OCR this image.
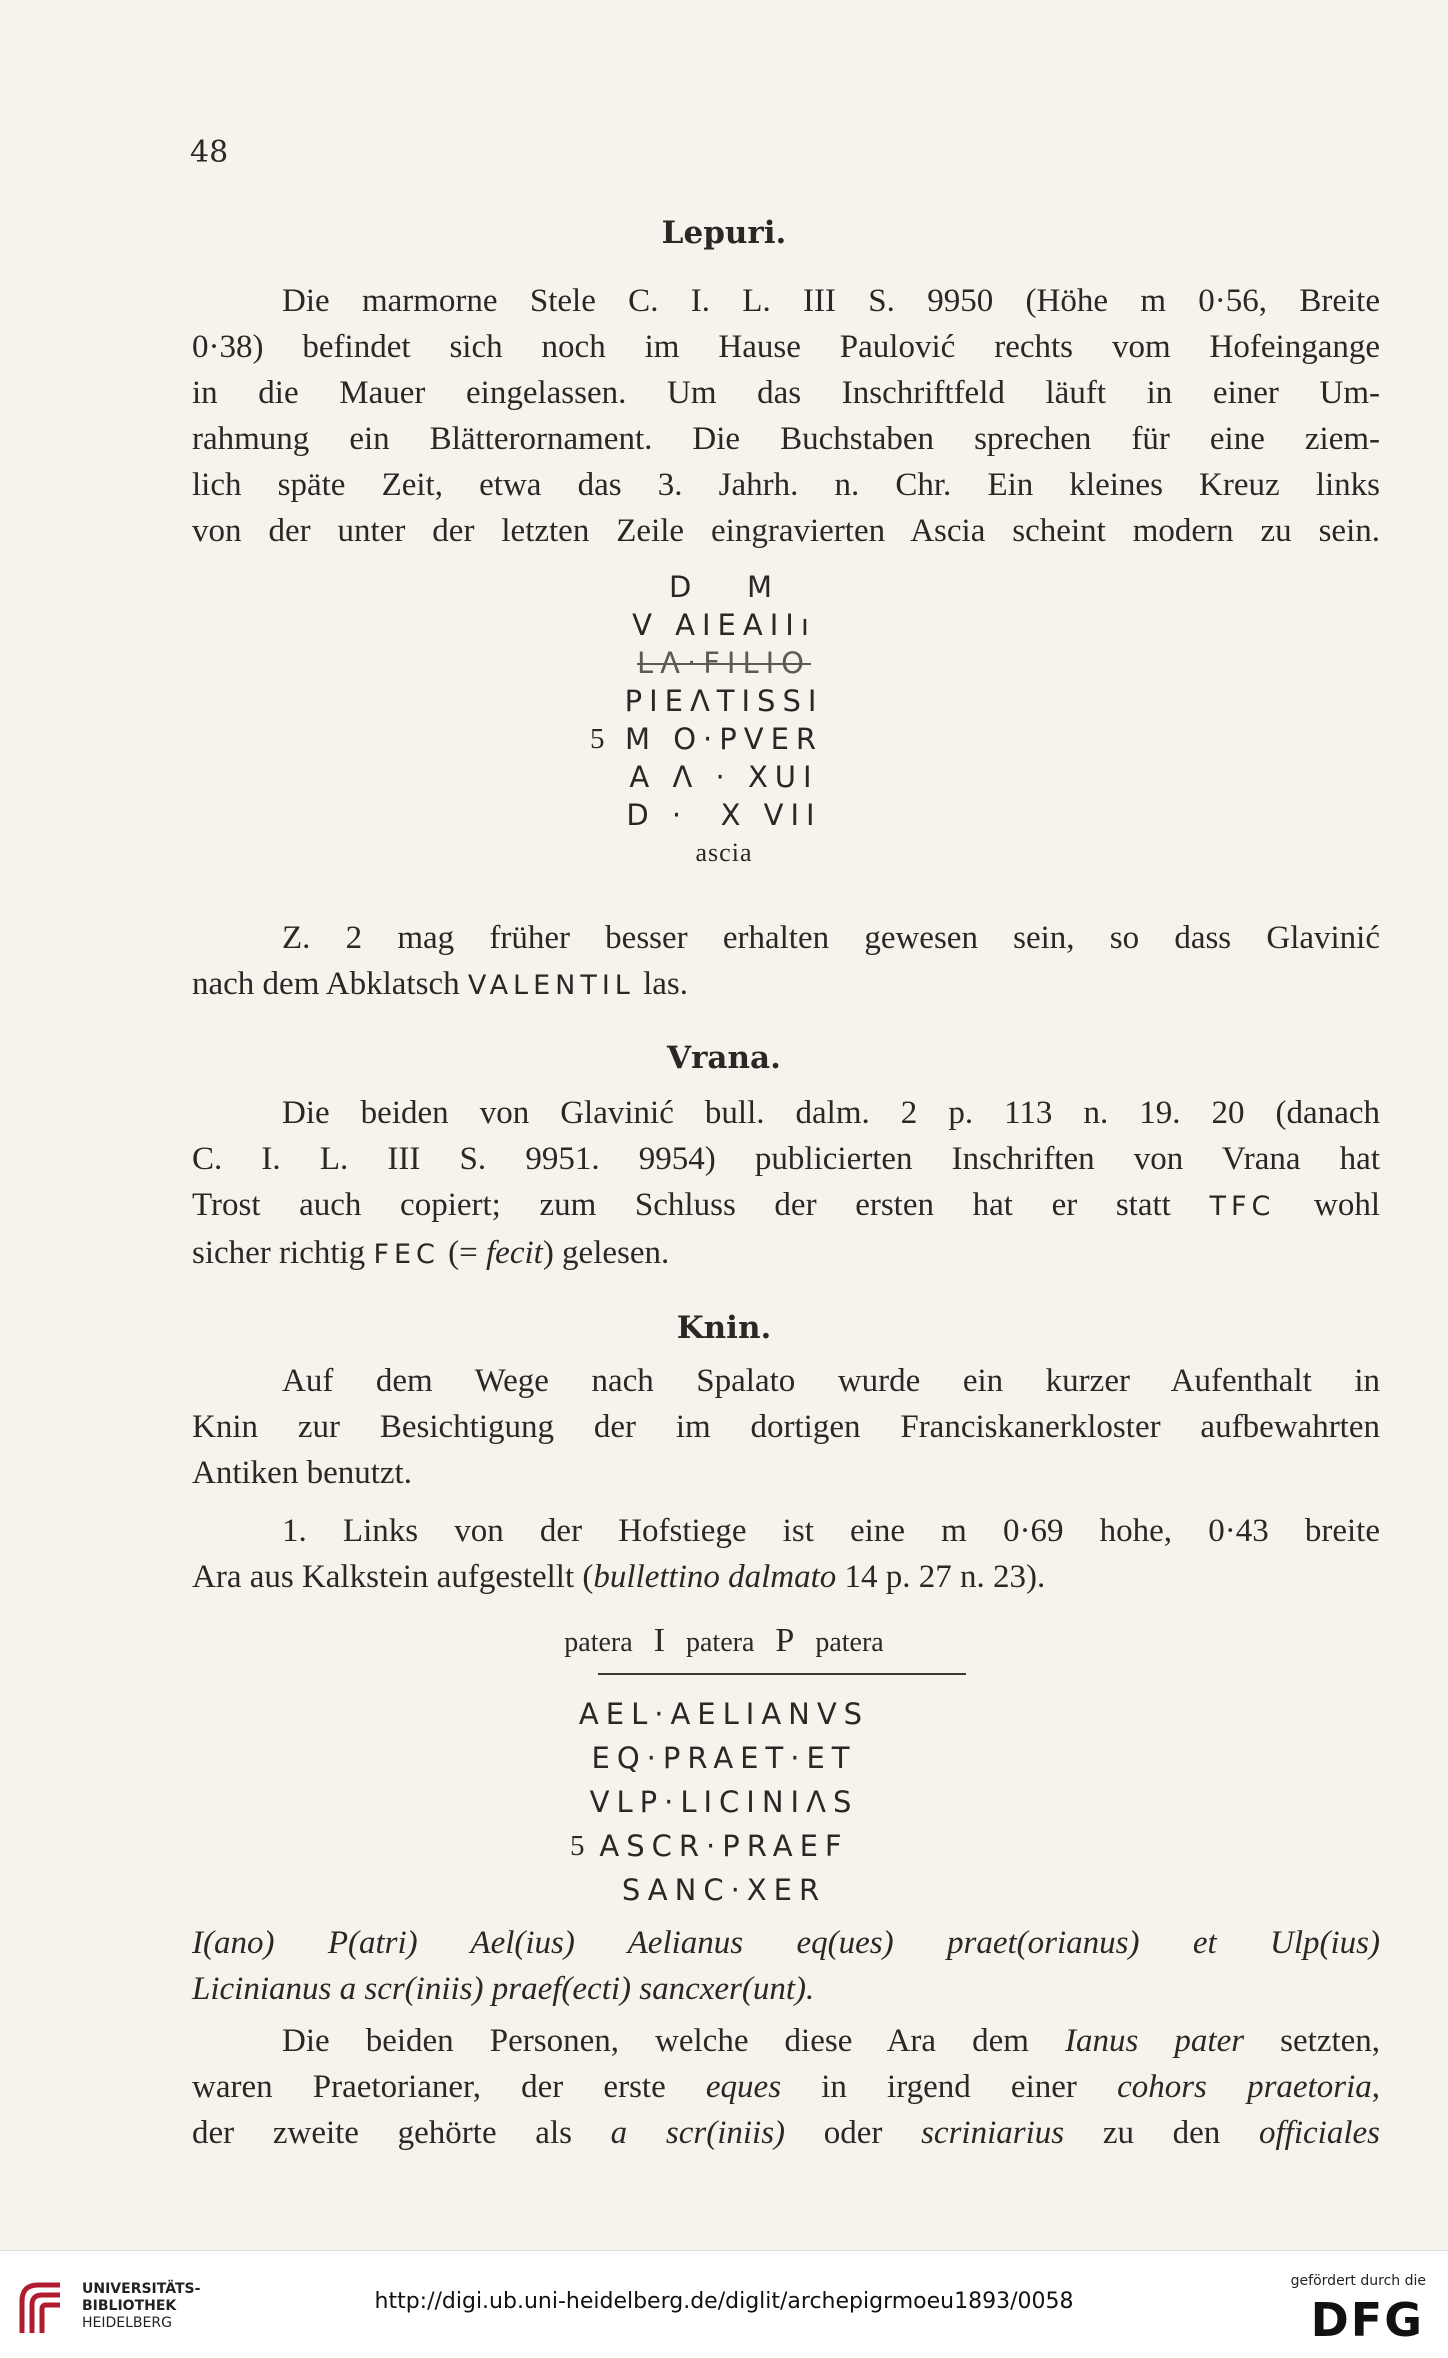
48
Lepuri.
Die marmorne Stele C. I. L. III S. 9950 (Höhe m 0·56, Breite
0·38) befindet sich noch im Hause Paulović rechts vom Hofeingange
in die Mauer eingelassen. Um das Inschriftfeld läuft in einer Um-
rahmung ein Blätterornament. Die Buchstaben sprechen für eine ziem-
lich späte Zeit, etwa das 3. Jahrh. n. Chr. Ein kleines Kreuz links
von der unter der letzten Zeile eingravierten Ascia scheint modern zu sein.
D   M
V AIEAIIı
LΛ·FILIO
PIEΛTISSI
5 M O·PVER
A Λ · XUI
D ·  X VII
ascia
Z. 2 mag früher besser erhalten gewesen sein, so dass Glavinić
nach dem Abklatsch VALENTIL las.
Vrana.
Die beiden von Glavinić bull. dalm. 2 p. 113 n. 19. 20 (danach
C. I. L. III S. 9951. 9954) publicierten Inschriften von Vrana hat
Trost auch copiert; zum Schluss der ersten hat er statt TFC wohl
sicher richtig FEC (= fecit) gelesen.
Knin.
Auf dem Wege nach Spalato wurde ein kurzer Aufenthalt in
Knin zur Besichtigung der im dortigen Franciskanerkloster aufbewahrten
Antiken benutzt.
1. Links von der Hofstiege ist eine m 0·69 hohe, 0·43 breite
Ara aus Kalkstein aufgestellt (bullettino dalmato 14 p. 27 n. 23).
patera I patera P patera
AEL·AELIANVS
EQ·PRAET·ET
VLP·LICINIΛS
5 ASCR·PRAEF
SANC·XER
I(ano) P(atri) Ael(ius) Aelianus eq(ues) praet(orianus) et Ulp(ius)
Licinianus a scr(iniis) praef(ecti) sancxer(unt).
Die beiden Personen, welche diese Ara dem Ianus pater setzten,
waren Praetorianer, der erste eques in irgend einer cohors praetoria,
der zweite gehörte als a scr(iniis) oder scriniarius zu den officiales
UNIVERSITÄTS-
BIBLIOTHEK
HEIDELBERG
http://digi.ub.uni-heidelberg.de/diglit/archepigrmoeu1893/0058
gefördert durch die
DFG
